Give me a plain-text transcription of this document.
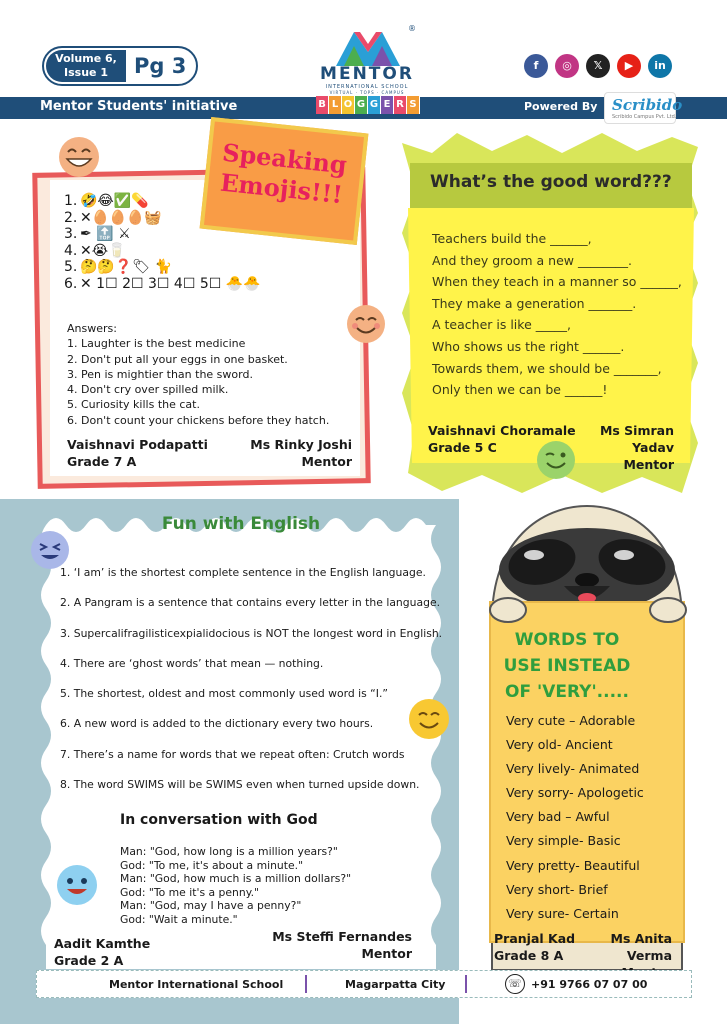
Volume 6,
Issue 1	Pg 3
®
MENTOR
INTERNATIONAL SCHOOL
VIRTUAL · TOPS · CAMPUS
f	◎	𝕏	▶	in
Mentor Students' initiative	Powered By Scribido
Scribido Campus Pvt. Ltd.
B L O G G E R S
Speaking
Emojis!!!
1. 🤣😂✅💊
2. ✕🥚🥚🥚🧺
3. ✒ 🔝 ⚔
4. ✕😭🥛
5. 🤔🤔❓🏷 🐈
6. ✕ 1☐ 2☐ 3☐ 4☐ 5☐ 🐣🐣
Answers:
1. Laughter is the best medicine
2. Don't put all your eggs in one basket.
3. Pen is mightier than the sword.
4. Don't cry over spilled milk.
5. Curiosity kills the cat.
6. Don't count your chickens before they hatch.
Vaishnavi Podapatti
Grade 7 A
Ms Rinky Joshi
Mentor
What’s the good word???
Teachers build the ______,
And they groom a new ________.
When they teach in a manner so ______,
They make a generation _______.
A teacher is like _____,
Who shows us the right ______.
Towards them, we should be _______,
Only then we can be ______!
Vaishnavi Choramale
Grade 5 C
Ms Simran Yadav
Mentor
Fun with English
1. ‘I am’ is the shortest complete sentence in the English language.
2. A Pangram is a sentence that contains every letter in the language.
3. Supercalifragilisticexpialidocious is NOT the longest word in English.
4. There are ‘ghost words’ that mean — nothing.
5. The shortest, oldest and most commonly used word is “I.”
6. A new word is added to the dictionary every two hours.
7. There’s a name for words that we repeat often: Crutch words
8. The word SWIMS will be SWIMS even when turned upside down.
In conversation with God
Man: "God, how long is a million years?"
God: "To me, it's about a minute."
Man: "God, how much is a million dollars?"
God: "To me it's a penny."
Man: "God, may I have a penny?"
God: "Wait a minute."
Aadit Kamthe
Grade 2 A
Ms Steffi Fernandes
Mentor
WORDS TO
USE INSTEAD
OF 'VERY'.....
Very cute – Adorable
Very old- Ancient
Very lively- Animated
Very sorry- Apologetic
Very bad – Awful
Very simple- Basic
Very pretty- Beautiful
Very short- Brief
Very sure- Certain
Pranjal Kad
Grade 8 A
Ms Anita Verma
Mentor International School	Magarpatta City	☏ +91 9766 07 07 00
